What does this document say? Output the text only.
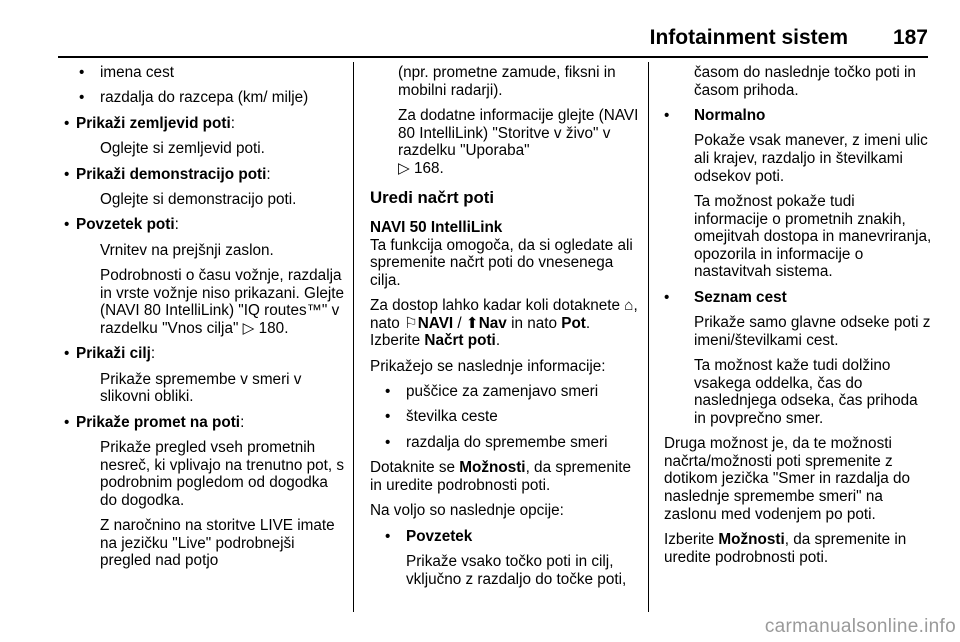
Infotainment sistem 187

• imena cest

• razdalja do razcepa (km/ milje)

• Prikaži zemljevid poti:

Oglejte si zemljevid poti.

• Prikaži demonstracijo poti:

Oglejte si demonstracijo poti.

• Povzetek poti:

Vrnitev na prejšnji zaslon.

Podrobnosti o času vožnje, razdalja in vrste vožnje niso prikazani. Glejte (NAVI 80 IntelliLink) "IQ routes™" v razdelku "Vnos cilja" ▷ 180.

• Prikaži cilj:

Prikaže spremembe v smeri v slikovni obliki.

• Prikaže promet na poti:

Prikaže pregled vseh prometnih nesreč, ki vplivajo na trenutno pot, s podrobnim pogledom od dogodka do dogodka.

Z naročnino na storitve LIVE imate na jezičku "Live" podrobnejši pregled nad potjo

(npr. prometne zamude, fiksni in mobilni radarji).

Za dodatne informacije glejte (NAVI 80 IntelliLink) "Storitve v živo" v razdelku "Uporaba"
▷ 168.

Uredi načrt poti

NAVI 50 IntelliLink

Ta funkcija omogoča, da si ogledate ali spremenite načrt poti do vnesenega cilja.

Za dostop lahko kadar koli dotaknete ⌂, nato ⚐NAVI / ⬆Nav in nato Pot. Izberite Načrt poti.

Prikažejo se naslednje informacije:

• puščice za zamenjavo smeri

• številka ceste

• razdalja do spremembe smeri

Dotaknite se Možnosti, da spremenite in uredite podrobnosti poti.

Na voljo so naslednje opcije:

• Povzetek

Prikaže vsako točko poti in cilj, vključno z razdaljo do točke poti,

časom do naslednje točko poti in časom prihoda.

• Normalno

Pokaže vsak manever, z imeni ulic ali krajev, razdaljo in številkami odsekov poti.

Ta možnost pokaže tudi informacije o prometnih znakih, omejitvah dostopa in manevriranja, opozorila in informacije o nastavitvah sistema.

• Seznam cest

Prikaže samo glavne odseke poti z imeni/številkami cest.

Ta možnost kaže tudi dolžino vsakega oddelka, čas do naslednjega odseka, čas prihoda in povprečno smer.

Druga možnost je, da te možnosti načrta/možnosti poti spremenite z dotikom jezička "Smer in razdalja do naslednje spremembe smeri" na zaslonu med vodenjem po poti.

Izberite Možnosti, da spremenite in uredite podrobnosti poti.

carmanualsonline.info
